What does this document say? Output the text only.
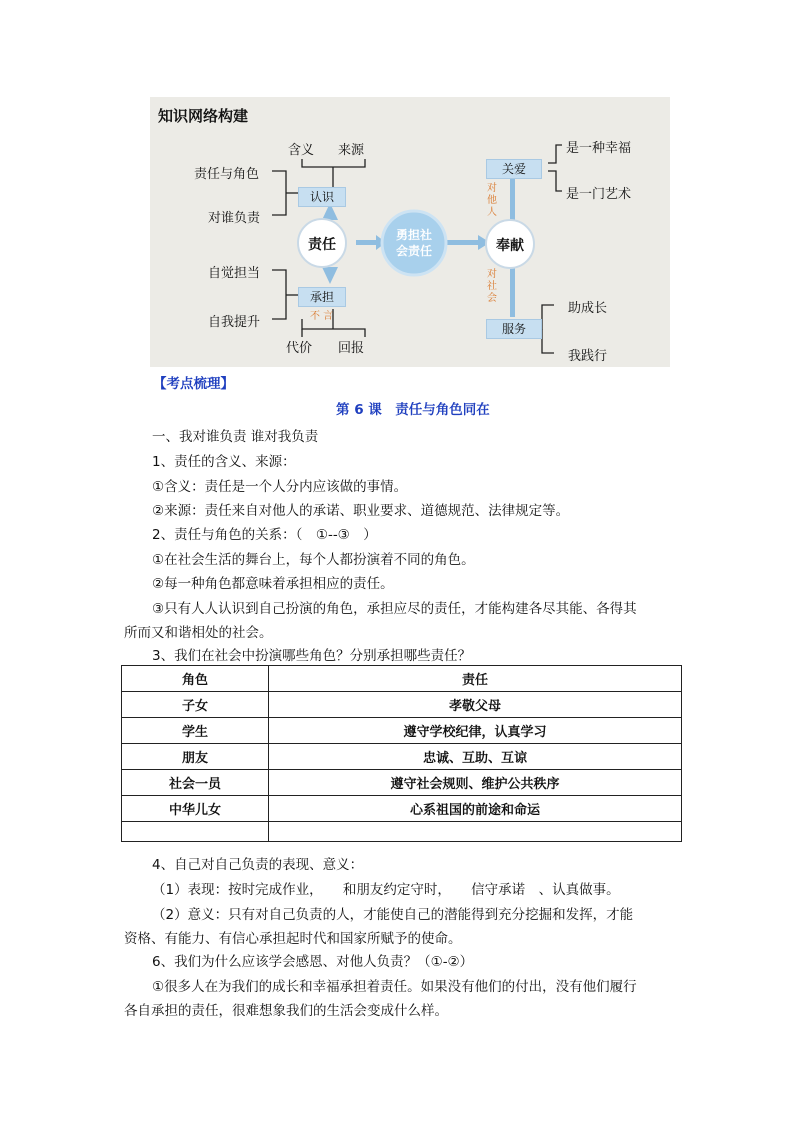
知识网络构建
含义 来源
责任与角色
对谁负责
认识
责任
自觉担当
自我提升
承担
不 言
代价 回报
勇担社
会责任	奉献
关爱
对他人
对社会
服务
是一种幸福
是一门艺术
助成长
我践行
【考点梳理】
第 6 课　责任与角色同在
一、我对谁负责 谁对我负责
1、责任的含义、来源：
①含义：责任是一个人分内应该做的事情。
②来源：责任来自对他人的承诺、职业要求、道德规范、法律规定等。
2、责任与角色的关系：（　①--③　）
①在社会生活的舞台上，每个人都扮演着不同的角色。
②每一种角色都意味着承担相应的责任。
③只有人人认识到自己扮演的角色，承担应尽的责任，才能构建各尽其能、各得其所而又和谐相处的社会。
3、我们在社会中扮演哪些角色？分别承担哪些责任？
角色	责任
子女	孝敬父母
学生	遵守学校纪律，认真学习
朋友	忠诚、互助、互谅
社会一员	遵守社会规则、维护公共秩序
中华儿女	心系祖国的前途和命运

4、自己对自己负责的表现、意义：
（1）表现：按时完成作业，　　和朋友约定守时，　　信守承诺　、认真做事。
（2）意义：只有对自己负责的人，才能使自己的潜能得到充分挖掘和发挥，才能资格、有能力、有信心承担起时代和国家所赋予的使命。
6、我们为什么应该学会感恩、对他人负责？（①-②）
①很多人在为我们的成长和幸福承担着责任。如果没有他们的付出，没有他们履行各自承担的责任，很难想象我们的生活会变成什么样。
